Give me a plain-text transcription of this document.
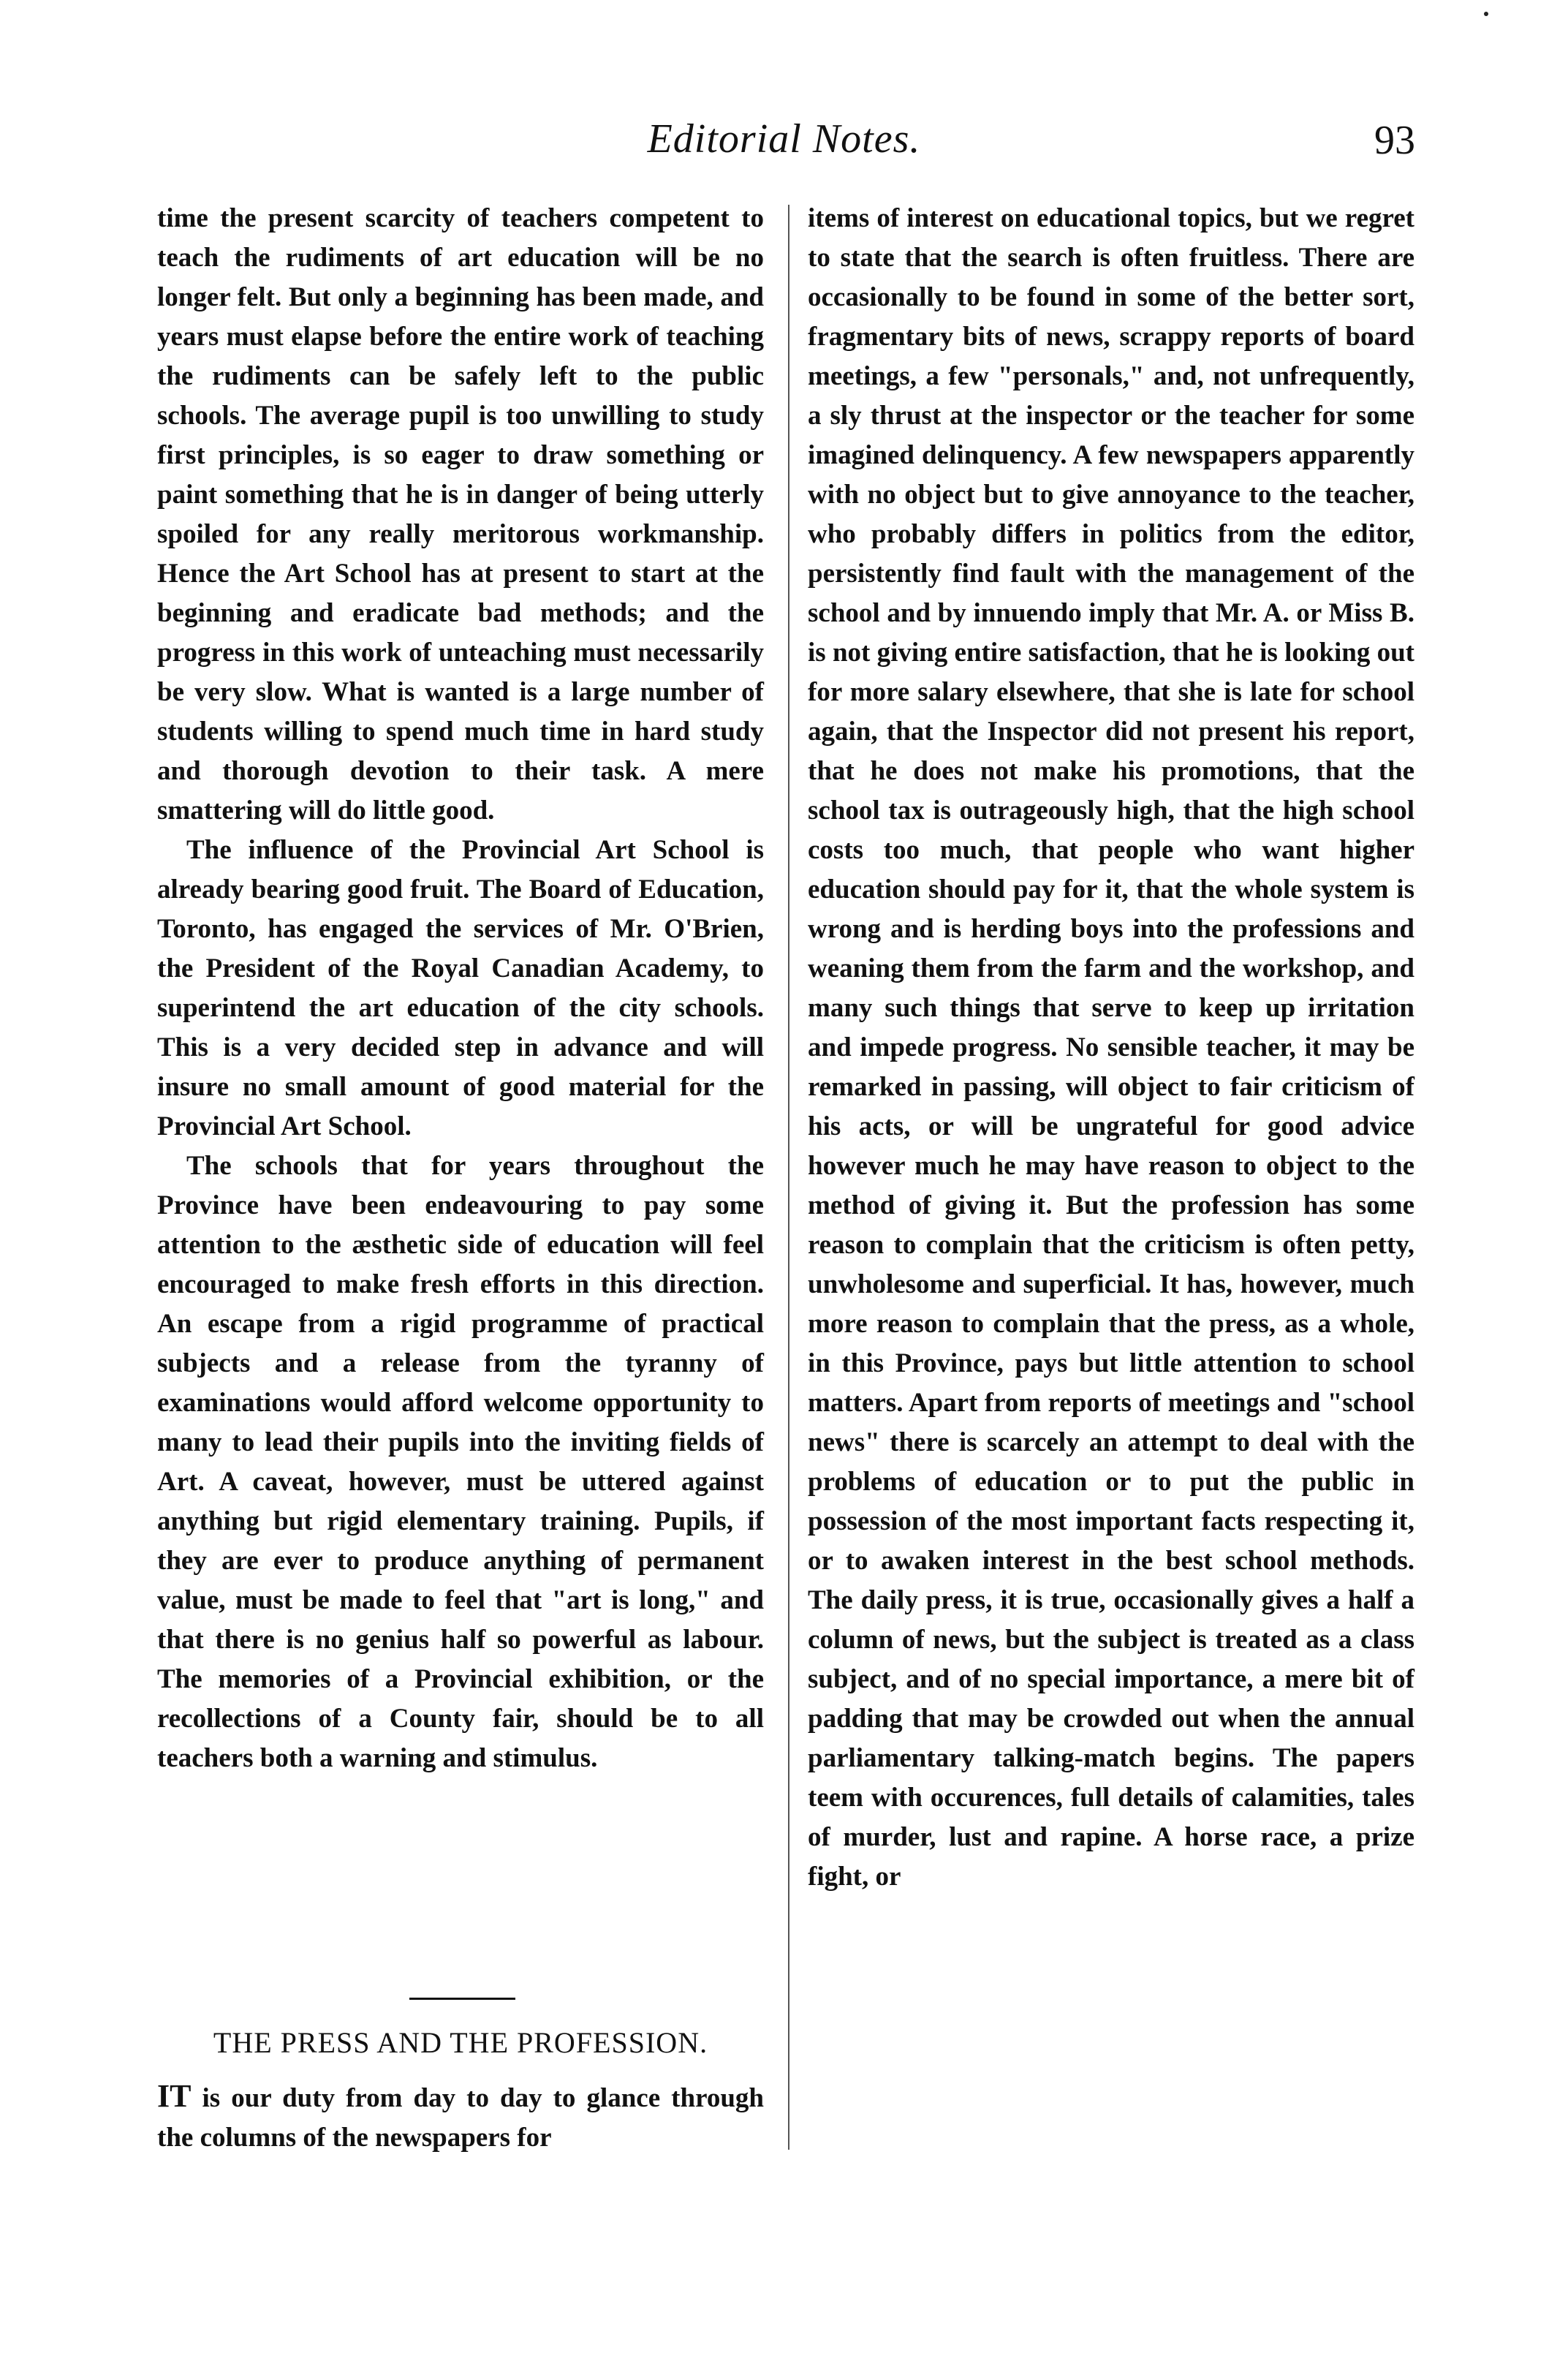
Editorial Notes.	93

time the present scarcity of teachers competent to teach the rudiments of art education will be no longer felt. But only a beginning has been made, and years must elapse before the entire work of teaching the rudiments can be safely left to the public schools. The average pupil is too unwilling to study first principles, is so eager to draw something or paint something that he is in danger of being utterly spoiled for any really meritorous workmanship. Hence the Art School has at present to start at the beginning and eradicate bad methods; and the progress in this work of unteaching must necessarily be very slow. What is wanted is a large number of students willing to spend much time in hard study and thorough devotion to their task. A mere smattering will do little good.

The influence of the Provincial Art School is already bearing good fruit. The Board of Education, Toronto, has engaged the services of Mr. O'Brien, the President of the Royal Canadian Academy, to superintend the art education of the city schools. This is a very decided step in advance and will insure no small amount of good material for the Provincial Art School.

The schools that for years throughout the Province have been endeavouring to pay some attention to the æsthetic side of education will feel encouraged to make fresh efforts in this direction. An escape from a rigid programme of practical subjects and a release from the tyranny of examinations would afford welcome opportunity to many to lead their pupils into the inviting fields of Art. A caveat, however, must be uttered against anything but rigid elementary training. Pupils, if they are ever to produce anything of permanent value, must be made to feel that "art is long," and that there is no genius half so powerful as labour. The memories of a Provincial exhibition, or the recollections of a County fair, should be to all teachers both a warning and stimulus.

THE PRESS AND THE PROFESSION.
IT is our duty from day to day to glance through the columns of the newspapers for

items of interest on educational topics, but we regret to state that the search is often fruitless. There are occasionally to be found in some of the better sort, fragmentary bits of news, scrappy reports of board meetings, a few "personals," and, not unfrequently, a sly thrust at the inspector or the teacher for some imagined delinquency. A few newspapers apparently with no object but to give annoyance to the teacher, who probably differs in politics from the editor, persistently find fault with the management of the school and by innuendo imply that Mr. A. or Miss B. is not giving entire satisfaction, that he is looking out for more salary elsewhere, that she is late for school again, that the Inspector did not present his report, that he does not make his promotions, that the school tax is outrageously high, that the high school costs too much, that people who want higher education should pay for it, that the whole system is wrong and is herding boys into the professions and weaning them from the farm and the workshop, and many such things that serve to keep up irritation and impede progress. No sensible teacher, it may be remarked in passing, will object to fair criticism of his acts, or will be ungrateful for good advice however much he may have reason to object to the method of giving it. But the profession has some reason to complain that the criticism is often petty, unwholesome and superficial. It has, however, much more reason to complain that the press, as a whole, in this Province, pays but little attention to school matters. Apart from reports of meetings and "school news" there is scarcely an attempt to deal with the problems of education or to put the public in possession of the most important facts respecting it, or to awaken interest in the best school methods. The daily press, it is true, occasionally gives a half a column of news, but the subject is treated as a class subject, and of no special importance, a mere bit of padding that may be crowded out when the annual parliamentary talking-match begins. The papers teem with occurences, full details of calamities, tales of murder, lust and rapine. A horse race, a prize fight, or
